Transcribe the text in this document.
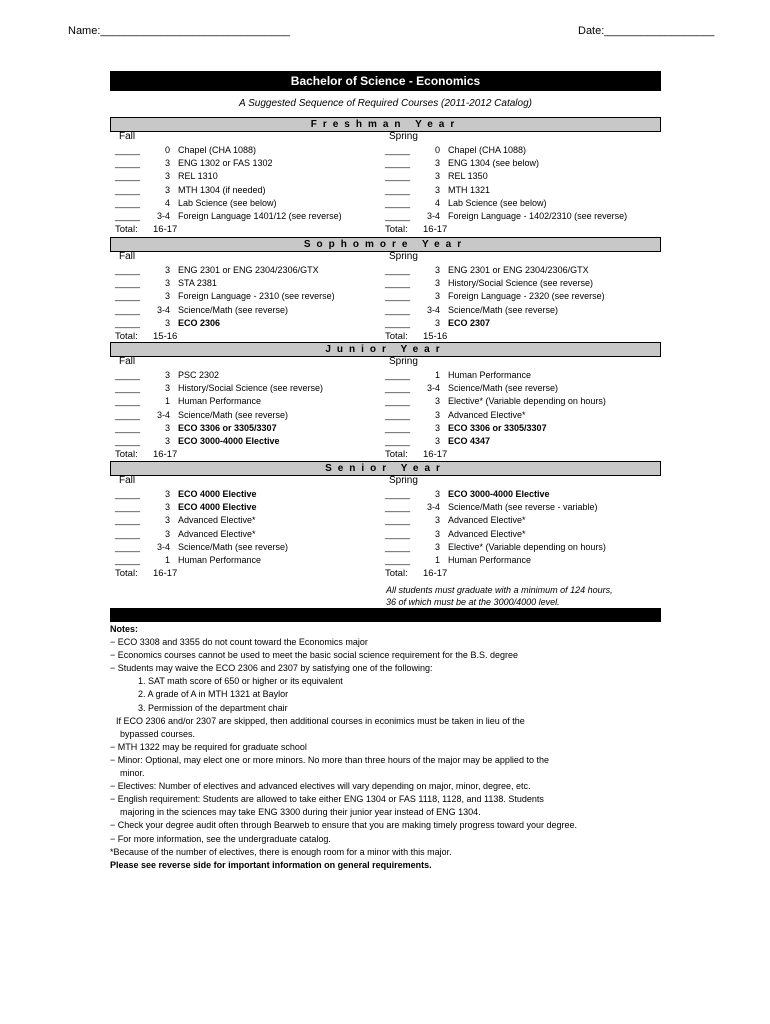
Name:_______________________________	Date:__________________
Bachelor of Science - Economics
A Suggested Sequence of Required Courses (2011-2012 Catalog)
Freshman Year
Fall
_____	0 Chapel (CHA 1088)
_____	3 ENG 1302 or FAS 1302
_____	3 REL 1310
_____	3 MTH 1304 (if needed)
_____	4 Lab Science (see below)
_____	3-4 Foreign Language 1401/12 (see reverse)
Total: 16-17
Spring
_____	0 Chapel (CHA 1088)
_____	3 ENG 1304 (see below)
_____	3 REL 1350
_____	3 MTH 1321
_____	4 Lab Science (see below)
_____	3-4 Foreign Language - 1402/2310 (see reverse)
Total: 16-17
Sophomore Year
Fall
_____	3 ENG 2301 or ENG 2304/2306/GTX
_____	3 STA 2381
_____	3 Foreign Language - 2310 (see reverse)
_____	3-4 Science/Math (see reverse)
_____	3 ECO 2306
Total: 15-16
Spring
_____	3 ENG 2301 or ENG 2304/2306/GTX
_____	3 History/Social Science (see reverse)
_____	3 Foreign Language - 2320 (see reverse)
_____	3-4 Science/Math (see reverse)
_____	3 ECO 2307
Total: 15-16
Junior Year
Fall
_____	3 PSC 2302
_____	3 History/Social Science (see reverse)
_____	1 Human Performance
_____	3-4 Science/Math (see reverse)
_____	3 ECO 3306 or 3305/3307
_____	3 ECO 3000-4000 Elective
Total: 16-17
Spring
_____	1 Human Performance
_____	3-4 Science/Math (see reverse)
_____	3 Elective* (Variable depending on hours)
_____	3 Advanced Elective*
_____	3 ECO 3306 or 3305/3307
_____	3 ECO 4347
Total: 16-17
Senior Year
Fall
_____	3 ECO 4000 Elective
_____	3 ECO 4000 Elective
_____	3 Advanced Elective*
_____	3 Advanced Elective*
_____	3-4 Science/Math (see reverse)
_____	1 Human Performance
Total: 16-17
Spring
_____	3 ECO 3000-4000 Elective
_____	3-4 Science/Math (see reverse - variable)
_____	3 Advanced Elective*
_____	3 Advanced Elective*
_____	3 Elective* (Variable depending on hours)
_____	1 Human Performance
Total: 16-17
All students must graduate with a minimum of 124 hours,
36 of which must be at the 3000/4000 level.
Notes:
− ECO 3308 and 3355 do not count toward the Economics major
− Economics courses cannot be used to meet the basic social science requirement for the B.S. degree
− Students may waive the ECO 2306 and 2307 by satisfying one of the following:
1. SAT math score of 650 or higher or its equivalent
2. A grade of A in MTH 1321 at Baylor
3. Permission of the department chair
If ECO 2306 and/or 2307 are skipped, then additional courses in econimics must be taken in lieu of the
bypassed courses.
− MTH 1322 may be required for graduate school
− Minor: Optional, may elect one or more minors. No more than three hours of the major may be applied to the
minor.
− Electives: Number of electives and advanced electives will vary depending on major, minor, degree, etc.
− English requirement: Students are allowed to take either ENG 1304 or FAS 1118, 1128, and 1138. Students
majoring in the sciences may take ENG 3300 during their junior year instead of ENG 1304.
− Check your degree audit often through Bearweb to ensure that you are making timely progress toward your degree.
− For more information, see the undergraduate catalog.
*Because of the number of electives, there is enough room for a minor with this major.
Please see reverse side for important information on general requirements.
